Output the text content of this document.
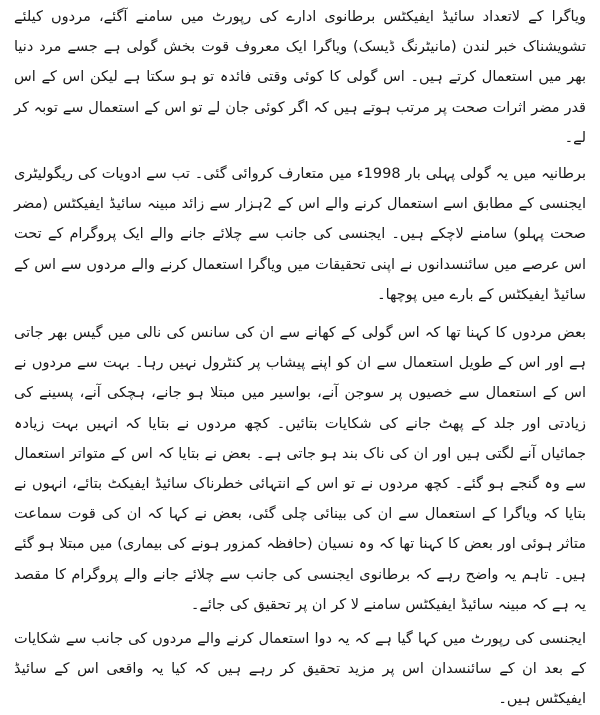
ویاگرا کے لاتعداد سائیڈ ایفیکٹس برطانوی ادارے کی رپورٹ میں سامنے آگئے، مردوں کیلئے تشویشناک خبر لندن (مانیٹرنگ ڈیسک) ویاگرا ایک معروف قوت بخش گولی ہے جسے مرد دنیا بھر میں استعمال کرتے ہیں۔ اس گولی کا کوئی وقتی فائدہ تو ہو سکتا ہے لیکن اس کے اس قدر مضر اثرات صحت پر مرتب ہوتے ہیں کہ اگر کوئی جان لے تو اس کے استعمال سے توبہ کر لے۔

برطانیہ میں یہ گولی پہلی بار 1998ء میں متعارف کروائی گئی۔ تب سے ادویات کی ریگولیٹری ایجنسی کے مطابق اسے استعمال کرنے والے اس کے 2ہزار سے زائد مبینہ سائیڈ ایفیکٹس (مضر صحت پہلو) سامنے لاچکے ہیں۔ ایجنسی کی جانب سے چلائے جانے والے ایک پروگرام کے تحت اس عرصے میں سائنسدانوں نے اپنی تحقیقات میں ویاگرا استعمال کرنے والے مردوں سے اس کے سائیڈ ایفیکٹس کے بارے میں پوچھا۔

بعض مردوں کا کہنا تھا کہ اس گولی کے کھانے سے ان کی سانس کی نالی میں گیس بھر جاتی ہے اور اس کے طویل استعمال سے ان کو اپنے پیشاب پر کنٹرول نہیں رہا۔ بہت سے مردوں نے اس کے استعمال سے خصیوں پر سوجن آنے، بواسیر میں مبتلا ہو جانے، ہچکی آنے، پسینے کی زیادتی اور جلد کے پھٹ جانے کی شکایات بتائیں۔ کچھ مردوں نے بتایا کہ انہیں بہت زیادہ جمائیاں آنے لگتی ہیں اور ان کی ناک بند ہو جاتی ہے۔ بعض نے بتایا کہ اس کے متواتر استعمال سے وہ گنجے ہو گئے۔ کچھ مردوں نے تو اس کے انتہائی خطرناک سائیڈ ایفیکٹ بتائے، انہوں نے بتایا کہ ویاگرا کے استعمال سے ان کی بینائی چلی گئی، بعض نے کہا کہ ان کی قوت سماعت متاثر ہوئی اور بعض کا کہنا تھا کہ وہ نسیان (حافظہ کمزور ہونے کی بیماری) میں مبتلا ہو گئے ہیں۔ تاہم یہ واضح رہے کہ برطانوی ایجنسی کی جانب سے چلائے جانے والے پروگرام کا مقصد یہ ہے کہ مبینہ سائیڈ ایفیکٹس سامنے لا کر ان پر تحقیق کی جائے۔

ایجنسی کی رپورٹ میں کہا گیا ہے کہ یہ دوا استعمال کرنے والے مردوں کی جانب سے شکایات کے بعد ان کے سائنسدان اس پر مزید تحقیق کر رہے ہیں کہ کیا یہ واقعی اس کے سائیڈ ایفیکٹس ہیں۔
